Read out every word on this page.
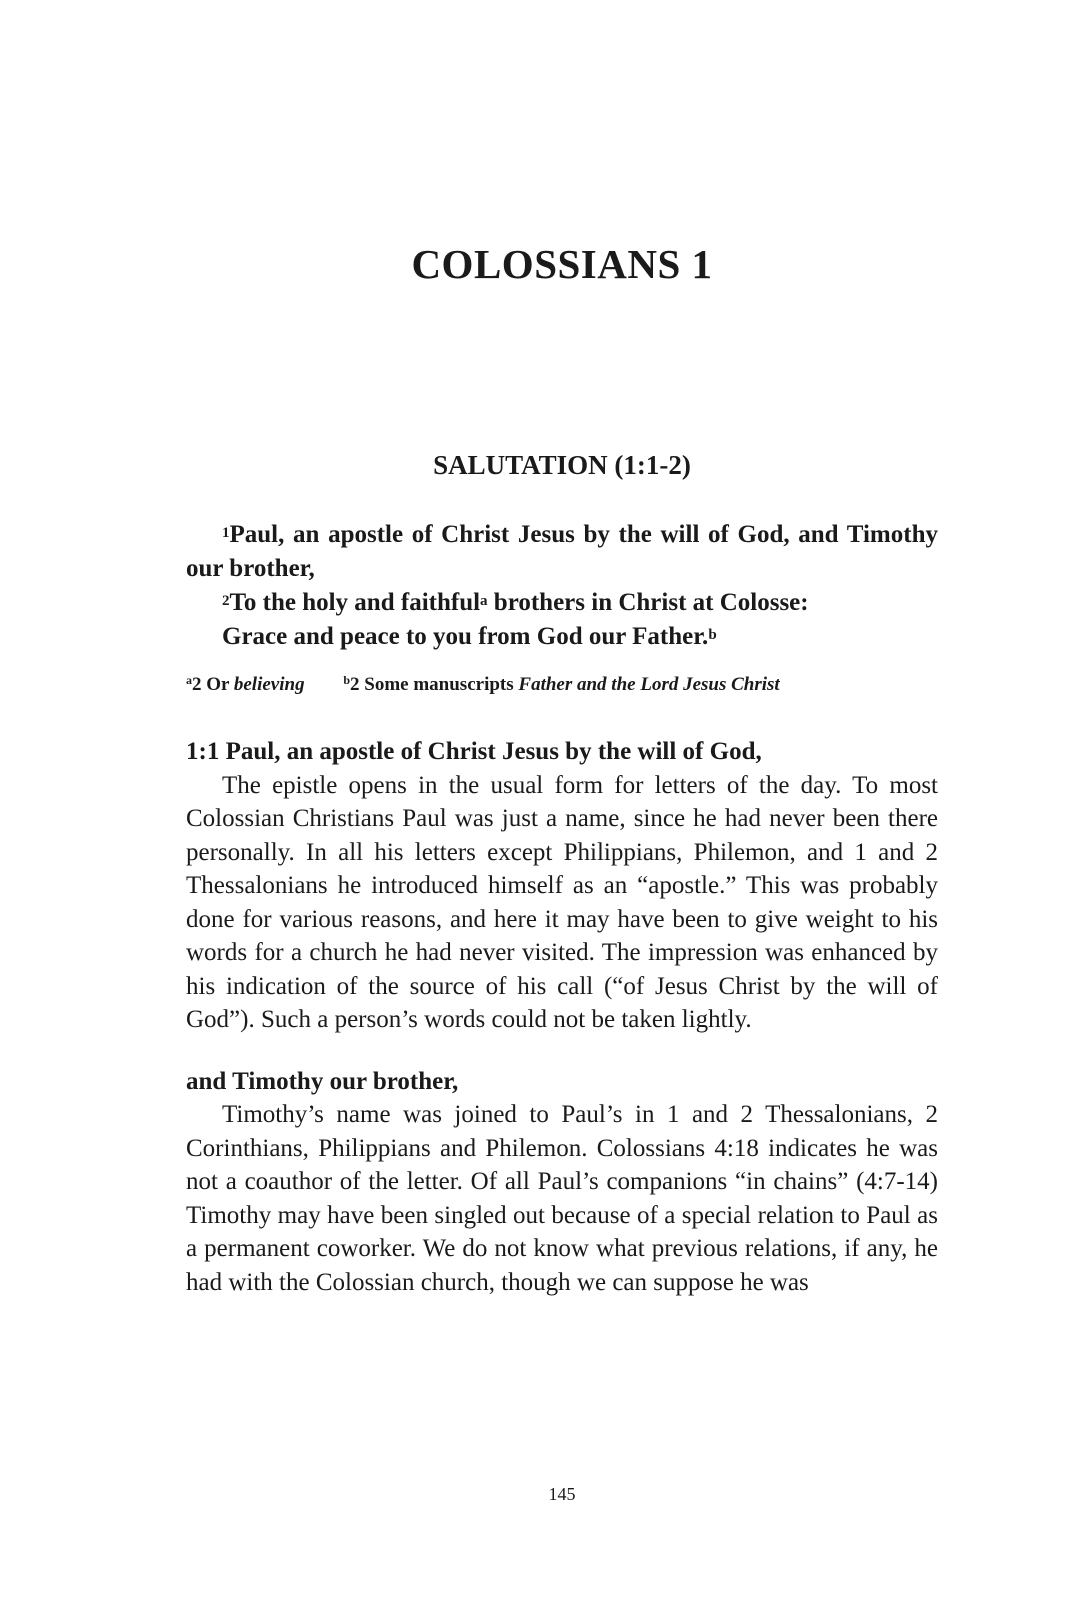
COLOSSIANS 1
SALUTATION (1:1-2)

$^1$Paul, an apostle of Christ Jesus by the will of God, and Timothy our brother,

$^2$To the holy and faithful$^a$ brothers in Christ at Colosse:

Grace and peace to you from God our Father.$^b$

$^a$2 Or believing	$^b$2 Some manuscripts Father and the Lord Jesus Christ

1:1 Paul, an apostle of Christ Jesus by the will of God,

The epistle opens in the usual form for letters of the day. To most Colossian Christians Paul was just a name, since he had never been there personally. In all his letters except Philippians, Philemon, and 1 and 2 Thessalonians he introduced himself as an “apostle.” This was probably done for various reasons, and here it may have been to give weight to his words for a church he had never visited. The impression was enhanced by his indication of the source of his call (“of Jesus Christ by the will of God”). Such a person’s words could not be taken lightly.

and Timothy our brother,

Timothy’s name was joined to Paul’s in 1 and 2 Thessalonians, 2 Corinthians, Philippians and Philemon. Colossians 4:18 indicates he was not a coauthor of the letter. Of all Paul’s companions “in chains” (4:7-14) Timothy may have been singled out because of a special relation to Paul as a permanent coworker. We do not know what previous relations, if any, he had with the Colossian church, though we can suppose he was

145
